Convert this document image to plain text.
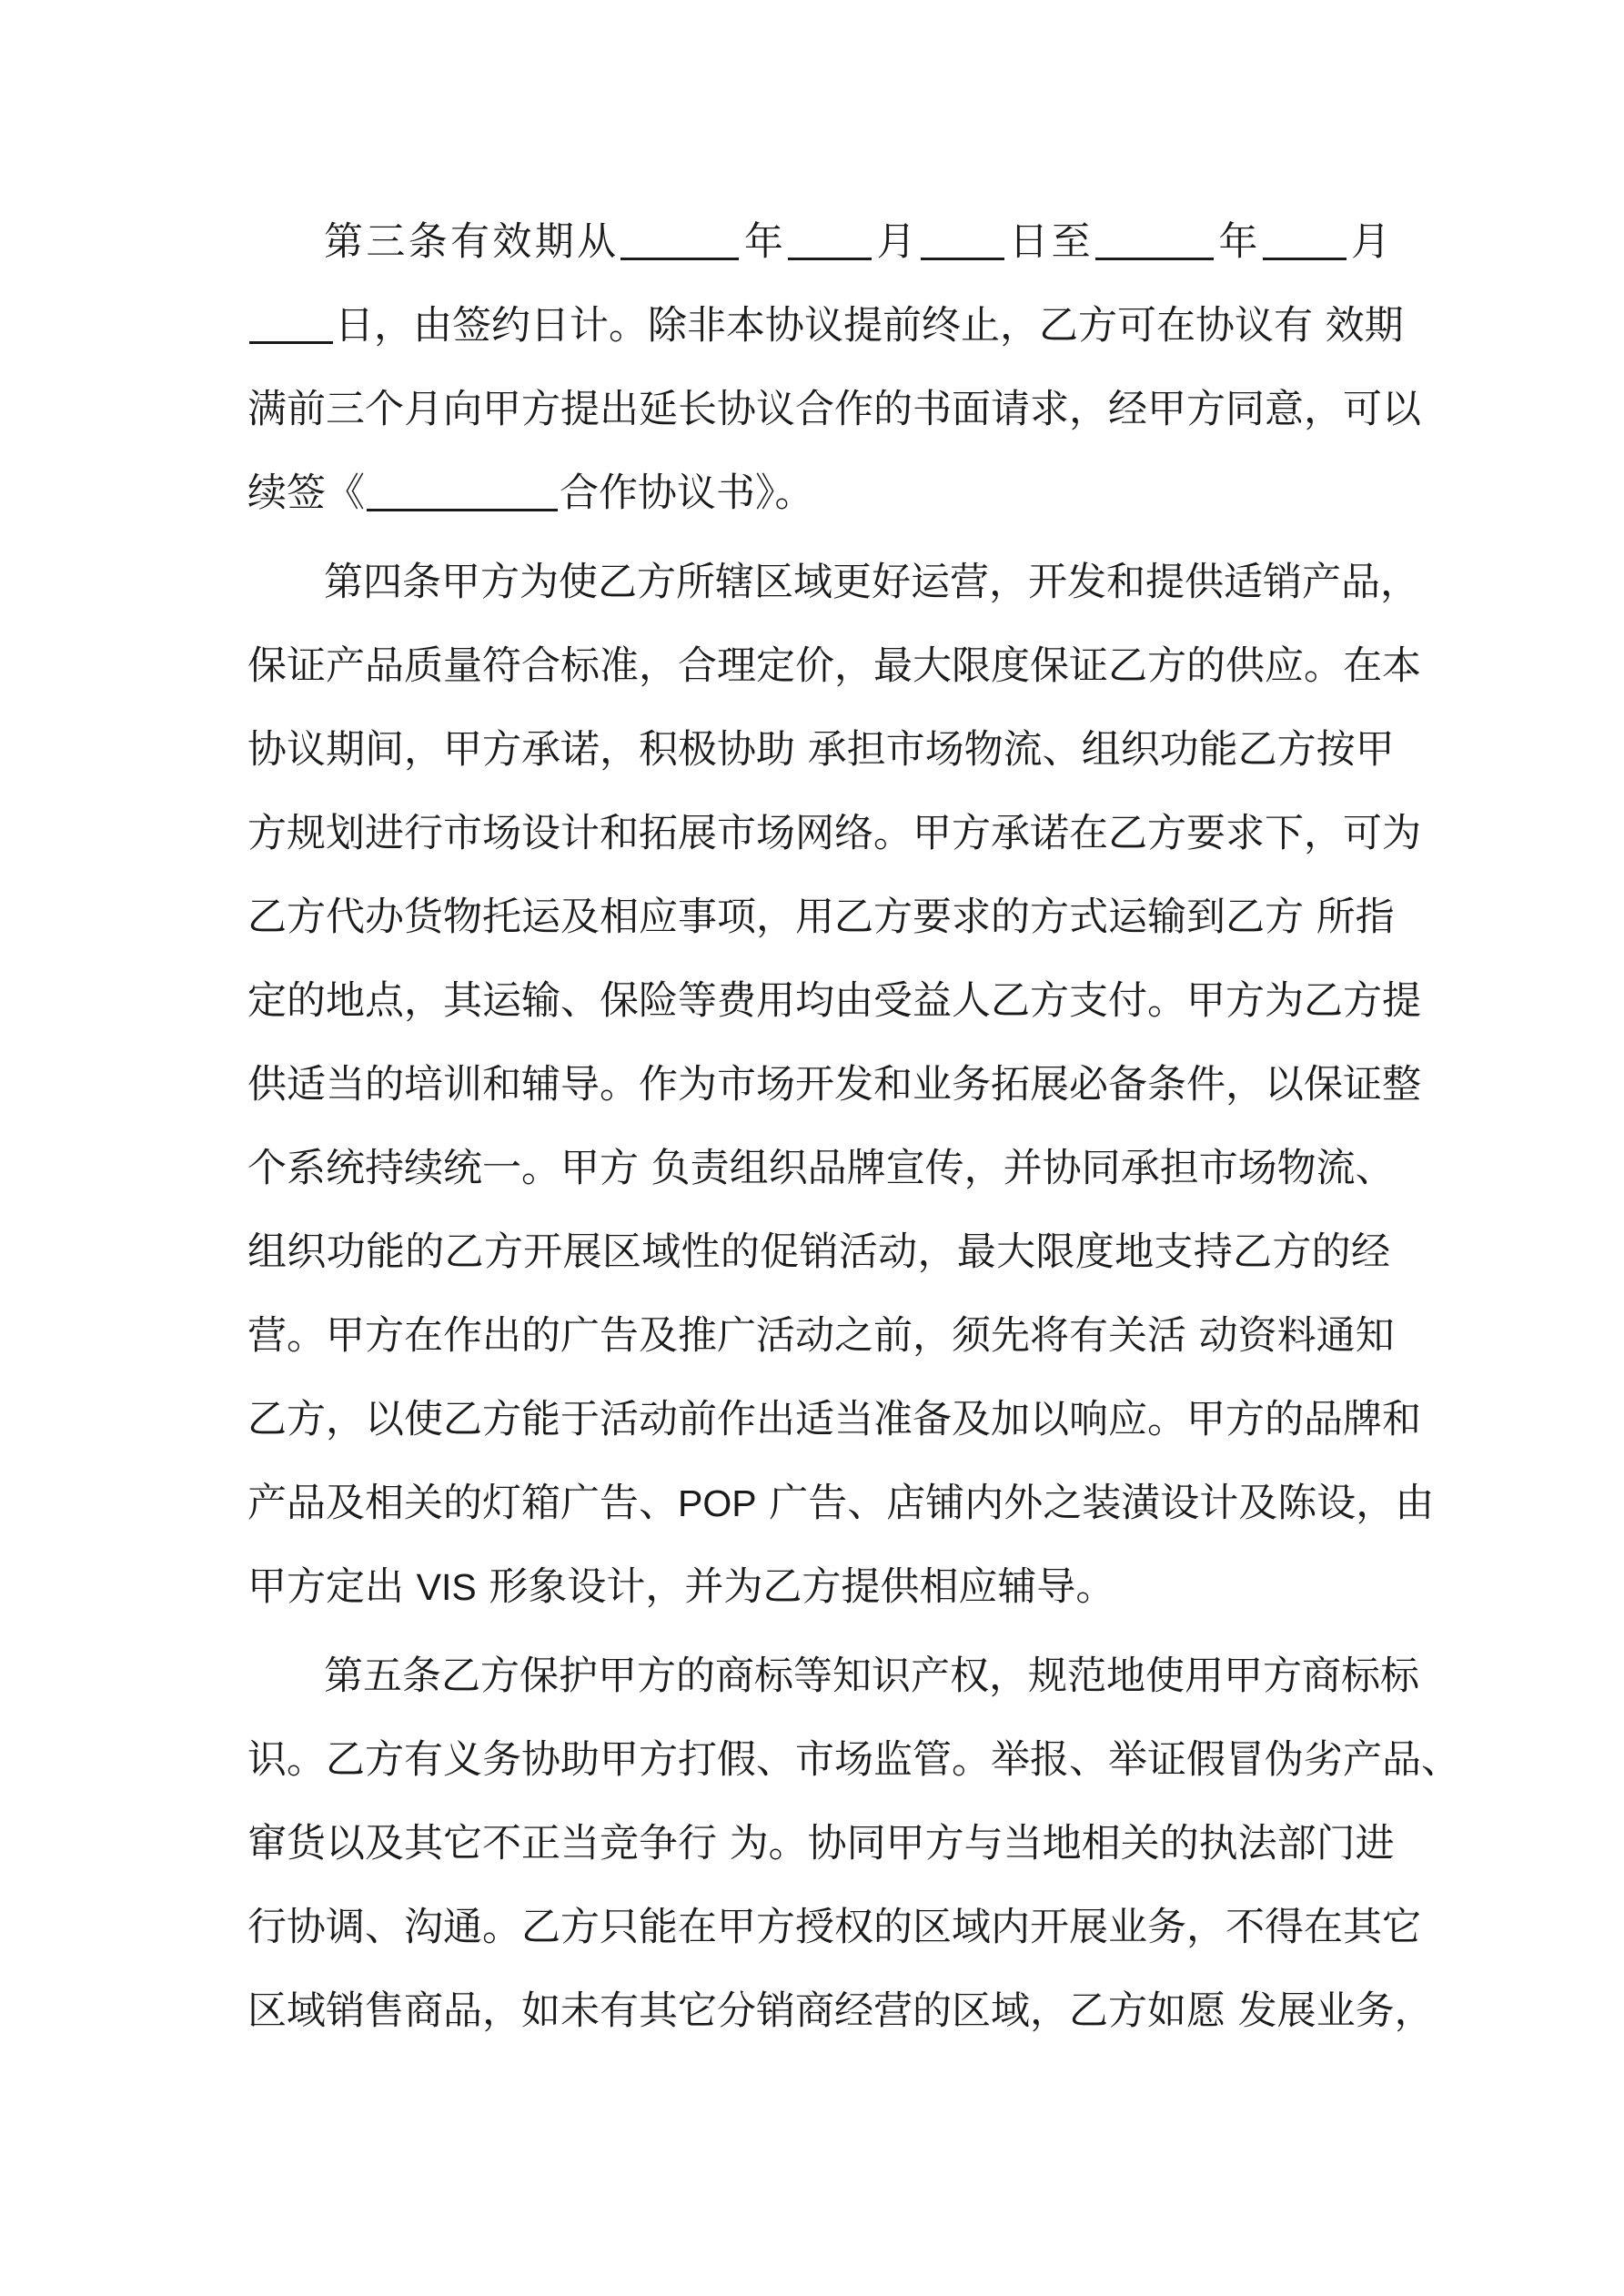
第三条有效期从	年 月 日至	年 月
日，由签约日计。除非本协议提前终止，乙方可在协议有 效期
满前三个月向甲方提出延长协议合作的书面请求，经甲方同意，可以
续签《	合作协议书》。
第四条甲方为使乙方所辖区域更好运营，开发和提供适销产品，
保证产品质量符合标准，合理定价，最大限度保证乙方的供应。在本
协议期间，甲方承诺，积极协助 承担市场物流、组织功能乙方按甲
方规划进行市场设计和拓展市场网络。甲方承诺在乙方要求下，可为
乙方代办货物托运及相应事项，用乙方要求的方式运输到乙方 所指
定的地点，其运输、保险等费用均由受益人乙方支付。甲方为乙方提
供适当的培训和辅导。作为市场开发和业务拓展必备条件，以保证整
个系统持续统一。甲方 负责组织品牌宣传，并协同承担市场物流、
组织功能的乙方开展区域性的促销活动，最大限度地支持乙方的经
营。甲方在作出的广告及推广活动之前，须先将有关活 动资料通知
乙方，以使乙方能于活动前作出适当准备及加以响应。甲方的品牌和
产品及相关的灯箱广告、POP 广告、店铺内外之装潢设计及陈设，由
甲方定出 VIS 形象设计，并为乙方提供相应辅导。
第五条乙方保护甲方的商标等知识产权，规范地使用甲方商标标
识。乙方有义务协助甲方打假、市场监管。举报、举证假冒伪劣产品、
窜货以及其它不正当竞争行 为。协同甲方与当地相关的执法部门进
行协调、沟通。乙方只能在甲方授权的区域内开展业务，不得在其它
区域销售商品，如未有其它分销商经营的区域，乙方如愿 发展业务，
